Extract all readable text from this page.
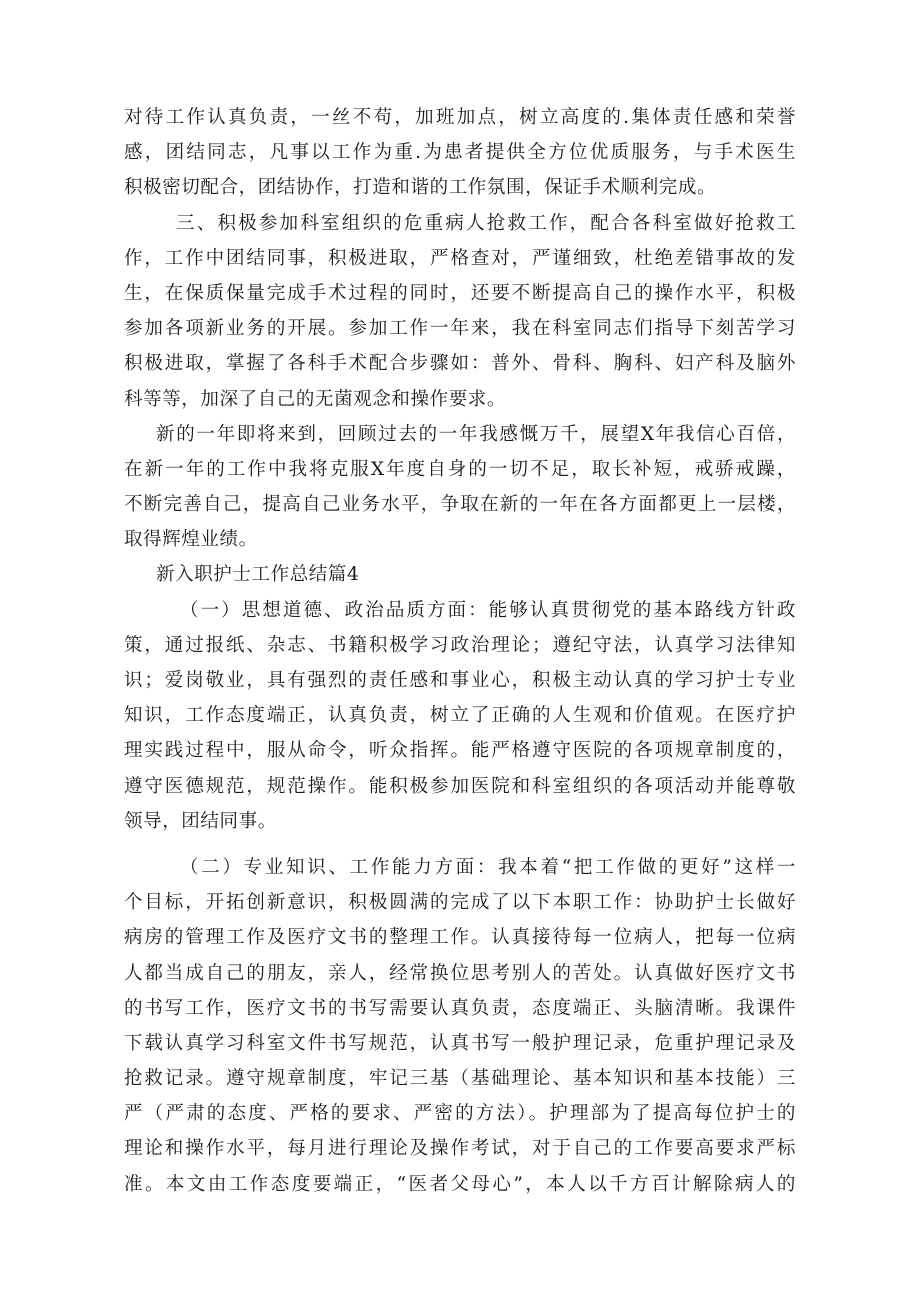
对待工作认真负责，一丝不苟，加班加点，树立高度的.集体责任感和荣誉
感，团结同志，凡事以工作为重.为患者提供全方位优质服务，与手术医生
积极密切配合，团结协作，打造和谐的工作氛围，保证手术顺利完成。
三、积极参加科室组织的危重病人抢救工作，配合各科室做好抢救工
作，工作中团结同事，积极进取，严格查对，严谨细致，杜绝差错事故的发
生，在保质保量完成手术过程的同时，还要不断提高自己的操作水平，积极
参加各项新业务的开展。参加工作一年来，我在科室同志们指导下刻苦学习
积极进取，掌握了各科手术配合步骤如：普外、骨科、胸科、妇产科及脑外
科等等，加深了自己的无菌观念和操作要求。
新的一年即将来到，回顾过去的一年我感慨万千，展望X年我信心百倍，
在新一年的工作中我将克服X年度自身的一切不足，取长补短，戒骄戒躁，
不断完善自己，提高自己业务水平，争取在新的一年在各方面都更上一层楼，
取得辉煌业绩。
新入职护士工作总结篇4
（一）思想道德、政治品质方面：能够认真贯彻党的基本路线方针政
策，通过报纸、杂志、书籍积极学习政治理论；遵纪守法，认真学习法律知
识；爱岗敬业，具有强烈的责任感和事业心，积极主动认真的学习护士专业
知识，工作态度端正，认真负责，树立了正确的人生观和价值观。在医疗护
理实践过程中，服从命令，听众指挥。能严格遵守医院的各项规章制度的，
遵守医德规范，规范操作。能积极参加医院和科室组织的各项活动并能尊敬
领导，团结同事。
（二）专业知识、工作能力方面：我本着“把工作做的更好”这样一
个目标，开拓创新意识，积极圆满的完成了以下本职工作：协助护士长做好
病房的管理工作及医疗文书的整理工作。认真接待每一位病人，把每一位病
人都当成自己的朋友，亲人，经常换位思考别人的苦处。认真做好医疗文书
的书写工作，医疗文书的书写需要认真负责，态度端正、头脑清晰。我课件
下载认真学习科室文件书写规范，认真书写一般护理记录，危重护理记录及
抢救记录。遵守规章制度，牢记三基（基础理论、基本知识和基本技能）三
严（严肃的态度、严格的要求、严密的方法）。护理部为了提高每位护士的
理论和操作水平，每月进行理论及操作考试，对于自己的工作要高要求严标
准。本文由工作态度要端正，“医者父母心”，本人以千方百计解除病人的
